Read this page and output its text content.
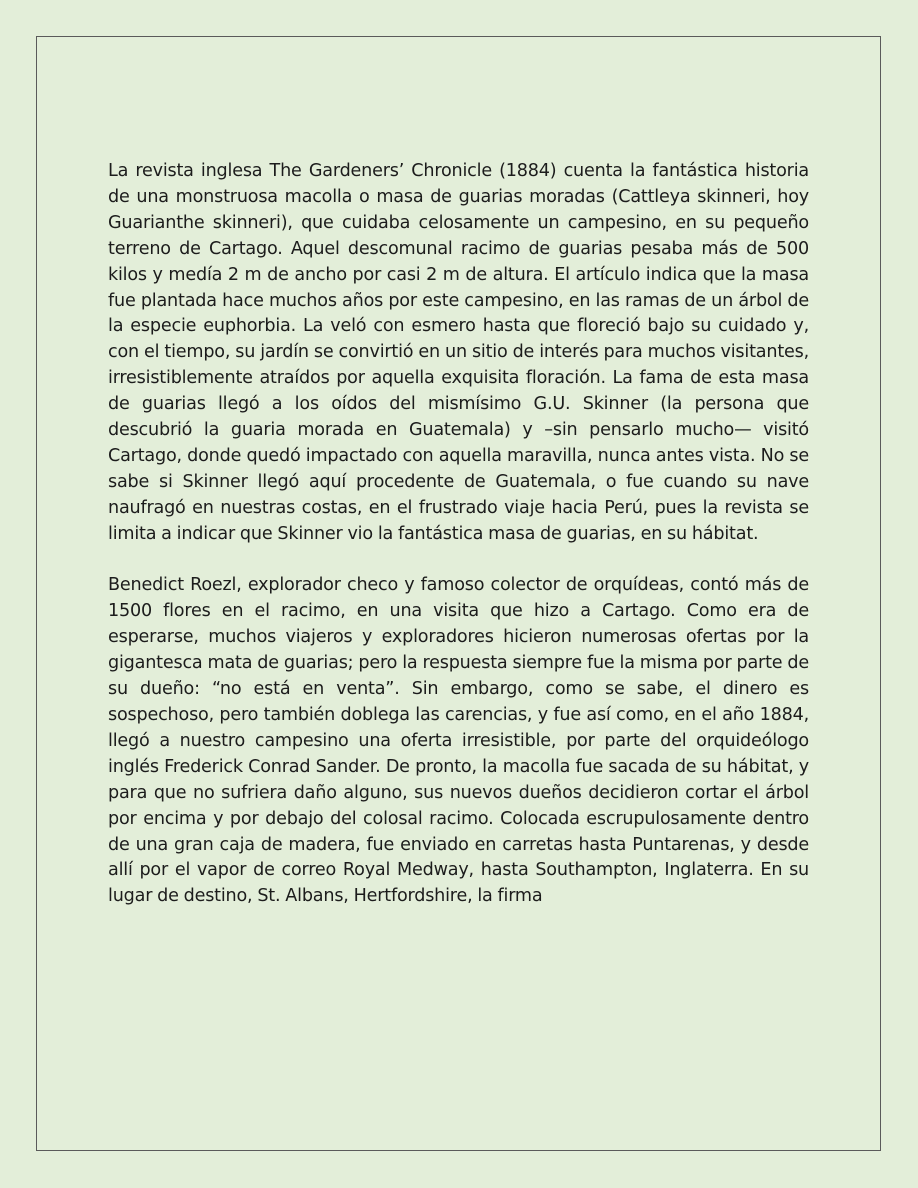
La revista inglesa The Gardeners’ Chronicle (1884) cuenta la fantástica historia de una monstruosa macolla o masa de guarias moradas (Cattleya skinneri, hoy Guarianthe skinneri), que cuidaba celosamente un campesino, en su pequeño terreno de Cartago. Aquel descomunal racimo de guarias pesaba más de 500 kilos y medía 2 m de ancho por casi 2 m de altura. El artículo indica que la masa fue plantada hace muchos años por este campesino, en las ramas de un árbol de la especie euphorbia. La veló con esmero hasta que floreció bajo su cuidado y, con el tiempo, su jardín se convirtió en un sitio de interés para muchos visitantes, irresistiblemente atraídos por aquella exquisita floración. La fama de esta masa de guarias llegó a los oídos del mismísimo G.U. Skinner (la persona que descubrió la guaria morada en Guatemala) y –sin pensarlo mucho— visitó Cartago, donde quedó impactado con aquella maravilla, nunca antes vista. No se sabe si Skinner llegó aquí procedente de Guatemala, o fue cuando su nave naufragó en nuestras costas, en el frustrado viaje hacia Perú, pues la revista se limita a indicar que Skinner vio la fantástica masa de guarias, en su hábitat.

Benedict Roezl, explorador checo y famoso colector de orquídeas, contó más de 1500 flores en el racimo, en una visita que hizo a Cartago. Como era de esperarse, muchos viajeros y exploradores hicieron numerosas ofertas por la gigantesca mata de guarias; pero la respuesta siempre fue la misma por parte de su dueño: “no está en venta”. Sin embargo, como se sabe, el dinero es sospechoso, pero también doblega las carencias, y fue así como, en el año 1884, llegó a nuestro campesino una oferta irresistible, por parte del orquideólogo inglés Frederick Conrad Sander. De pronto, la macolla fue sacada de su hábitat, y para que no sufriera daño alguno, sus nuevos dueños decidieron cortar el árbol por encima y por debajo del colosal racimo. Colocada escrupulosamente dentro de una gran caja de madera, fue enviado en carretas hasta Puntarenas, y desde allí por el vapor de correo Royal Medway, hasta Southampton, Inglaterra. En su lugar de destino, St. Albans, Hertfordshire, la firma
